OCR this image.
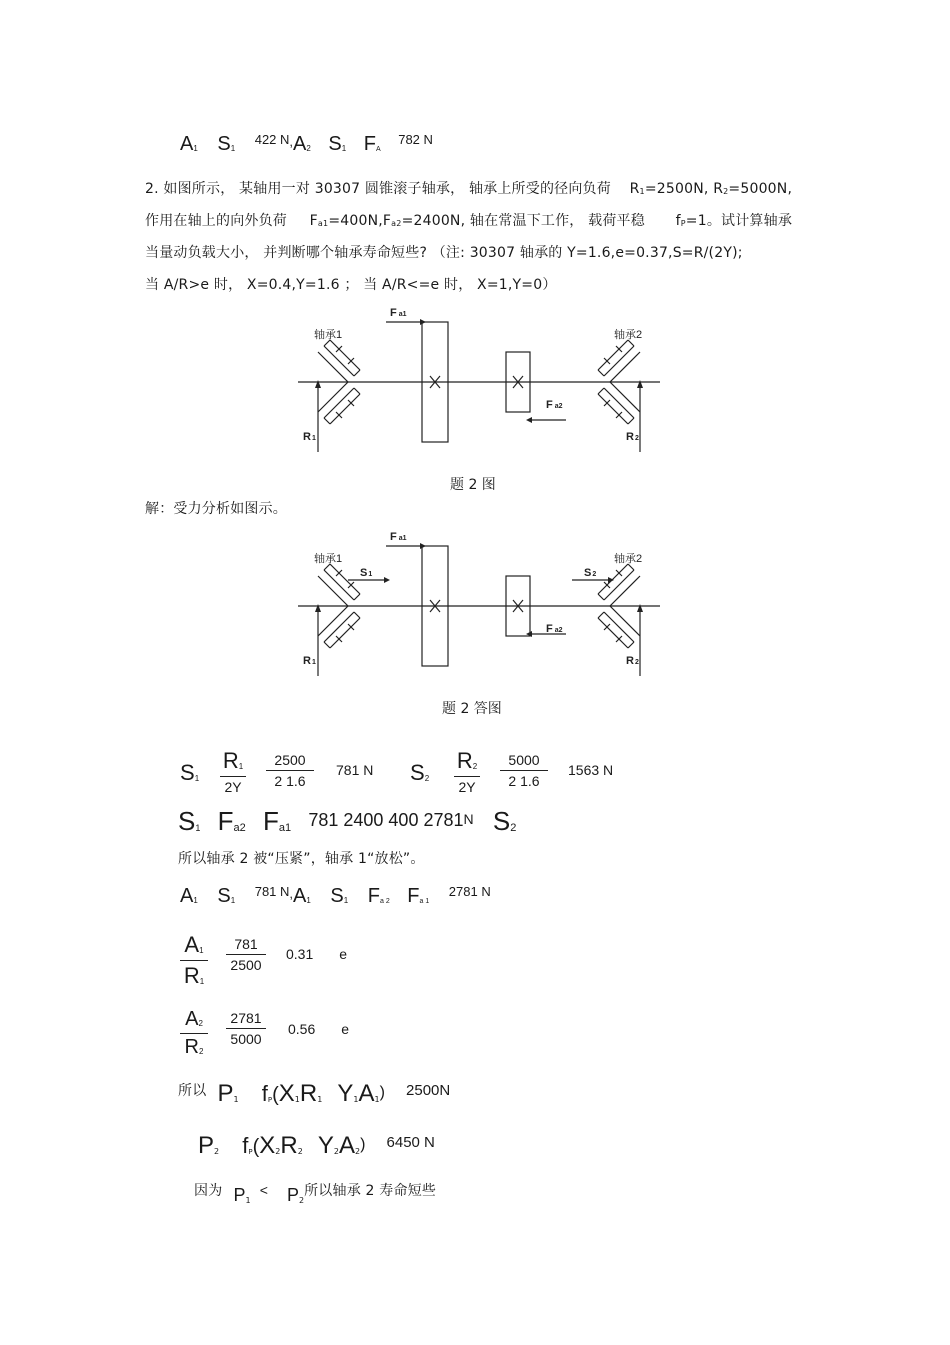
A1 S1 $^{422 N,}$A2 S1 FA $^{782 N}$
2. 如图所示， 某轴用一对 30307 圆锥滚子轴承， 轴承上所受的径向负荷 R1=2500N, R2=5000N,
作用在轴上的向外负荷 Fa1=400N,Fa2=2400N, 轴在常温下工作， 载荷平稳 fP=1。试计算轴承
当量动负载大小， 并判断哪个轴承寿命短些? （注: 30307 轴承的 Y=1.6,e=0.37,S=R/(2Y);
当 A/R>e 时， X=0.4,Y=1.6 ； 当 A/R<=e 时， X=1,Y=0）
轴承1	轴承2
Fa1
Fa2
R1	R2
题 2 图
解：受力分析如图示。
轴承1	轴承2
Fa1
Fa2
S1	S2
R1	R2
题 2 答图
S1
R1
2Y
2500
2 1.6
781 N S2
R2
2Y
5000
2 1.6
1563 N
S1 Fa2 Fa1 781 2400 400 $2781^N$ S2
所以轴承 2 被“压紧”，轴承 1“放松”。
A1 S1 $^{781 N,}$A1 S1 Fa 2 Fa 1 $^{2781 N}$
A1
R1
781
2500
0.31 e
A2
R2
2781
5000
0.56 e
所以 P1 fP(X1R1 Y1A1) 2500N
P2 fP(X2R2 Y2A2) 6450 N
因为 $P_1 < P_2$所以轴承 2 寿命短些
